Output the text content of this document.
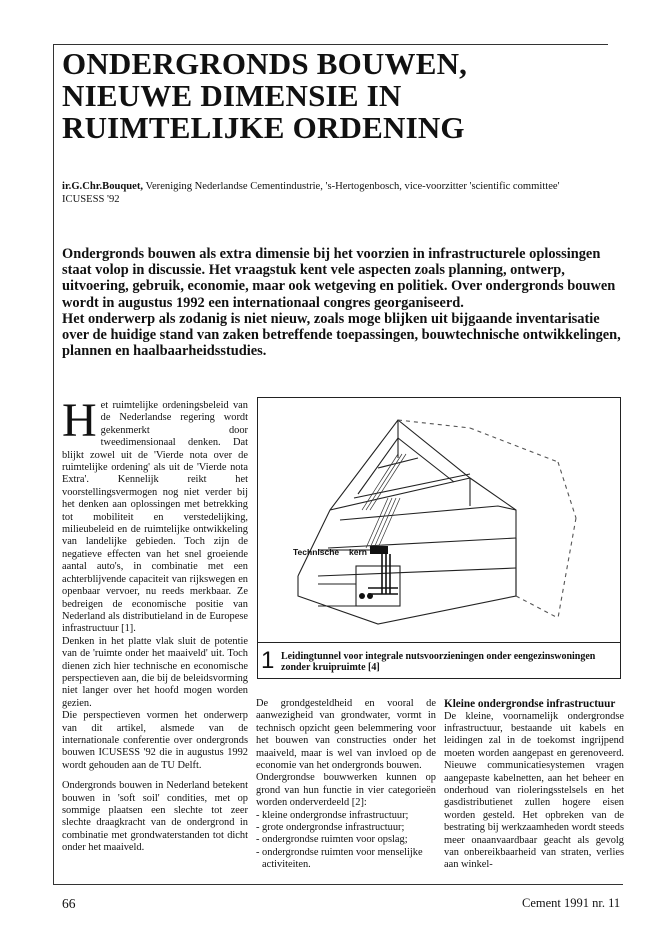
ONDERGRONDS BOUWEN,
NIEUWE DIMENSIE IN
RUIMTELIJKE ORDENING
ir.G.Chr.Bouquet, Vereniging Nederlandse Cementindustrie, 's-Hertogenbosch, vice-voorzitter 'scientific committee' ICUSESS '92

Ondergronds bouwen als extra dimensie bij het voorzien in infrastructurele oplossingen staat volop in discussie. Het vraagstuk kent vele aspecten zoals planning, ontwerp, uitvoering, gebruik, economie, maar ook wetgeving en politiek. Over ondergronds bouwen wordt in augustus 1992 een internationaal congres georganiseerd.

Het onderwerp als zodanig is niet nieuw, zoals moge blijken uit bijgaande inventarisatie over de huidige stand van zaken betreffende toepassingen, bouwtechnische ontwikkelingen, plannen en haalbaarheidsstudies.

Het ruimtelijke ordeningsbeleid van de Nederlandse regering wordt gekenmerkt door tweedimensionaal denken. Dat blijkt zowel uit de 'Vierde nota over de ruimtelijke ordening' als uit de 'Vierde nota Extra'. Kennelijk reikt het voorstellingsvermogen nog niet verder bij het denken aan oplossingen met betrekking tot mobiliteit en verstedelijking, milieubeleid en de ruimtelijke ontwikkeling van landelijke gebieden. Toch zijn de negatieve effecten van het snel groeiende aantal auto's, in combinatie met een achterblijvende capaciteit van rijkswegen en openbaar vervoer, nu reeds merkbaar. Ze bedreigen de economische positie van Nederland als distributieland in de Europese infrastructuur [1].

Denken in het platte vlak sluit de potentie van de 'ruimte onder het maaiveld' uit. Toch dienen zich hier technische en economische perspectieven aan, die bij de beleidsvorming niet langer over het hoofd mogen worden gezien.

Die perspectieven vormen het onderwerp van dit artikel, alsmede van de internationale conferentie over ondergronds bouwen ICUSESS '92 die in augustus 1992 wordt gehouden aan de TU Delft.

Ondergronds bouwen in Nederland betekent bouwen in 'soft soil' condities, met op sommige plaatsen een slechte tot zeer slechte draagkracht van de ondergrond in combinatie met grondwaterstanden tot dicht onder het maaiveld.

Technische kern
1 Leidingtunnel voor integrale nutsvoorzieningen onder eengezinswoningen zonder kruipruimte [4]

De grondgesteldheid en vooral de aanwezigheid van grondwater, vormt in technisch opzicht geen belemmering voor het bouwen van constructies onder het maaiveld, maar is wel van invloed op de economie van het ondergronds bouwen.

Ondergrondse bouwwerken kunnen op grond van hun functie in vier categorieën worden onderverdeeld [2]:

- kleine ondergrondse infrastructuur;

- grote ondergrondse infrastructuur;

- ondergrondse ruimten voor opslag;

- ondergrondse ruimten voor menselijke activiteiten.

Kleine ondergrondse infrastructuur

De kleine, voornamelijk ondergrondse infrastructuur, bestaande uit kabels en leidingen zal in de toekomst ingrijpend moeten worden aangepast en gerenoveerd. Nieuwe communicatiesystemen vragen aangepaste kabelnetten, aan het beheer en onderhoud van rioleringsstelsels en het gasdistributienet zullen hogere eisen worden gesteld. Het opbreken van de bestrating bij werkzaamheden wordt steeds meer onaanvaardbaar geacht als gevolg van onbereikbaarheid van straten, verlies aan winkel-

66	Cement 1991 nr. 11
